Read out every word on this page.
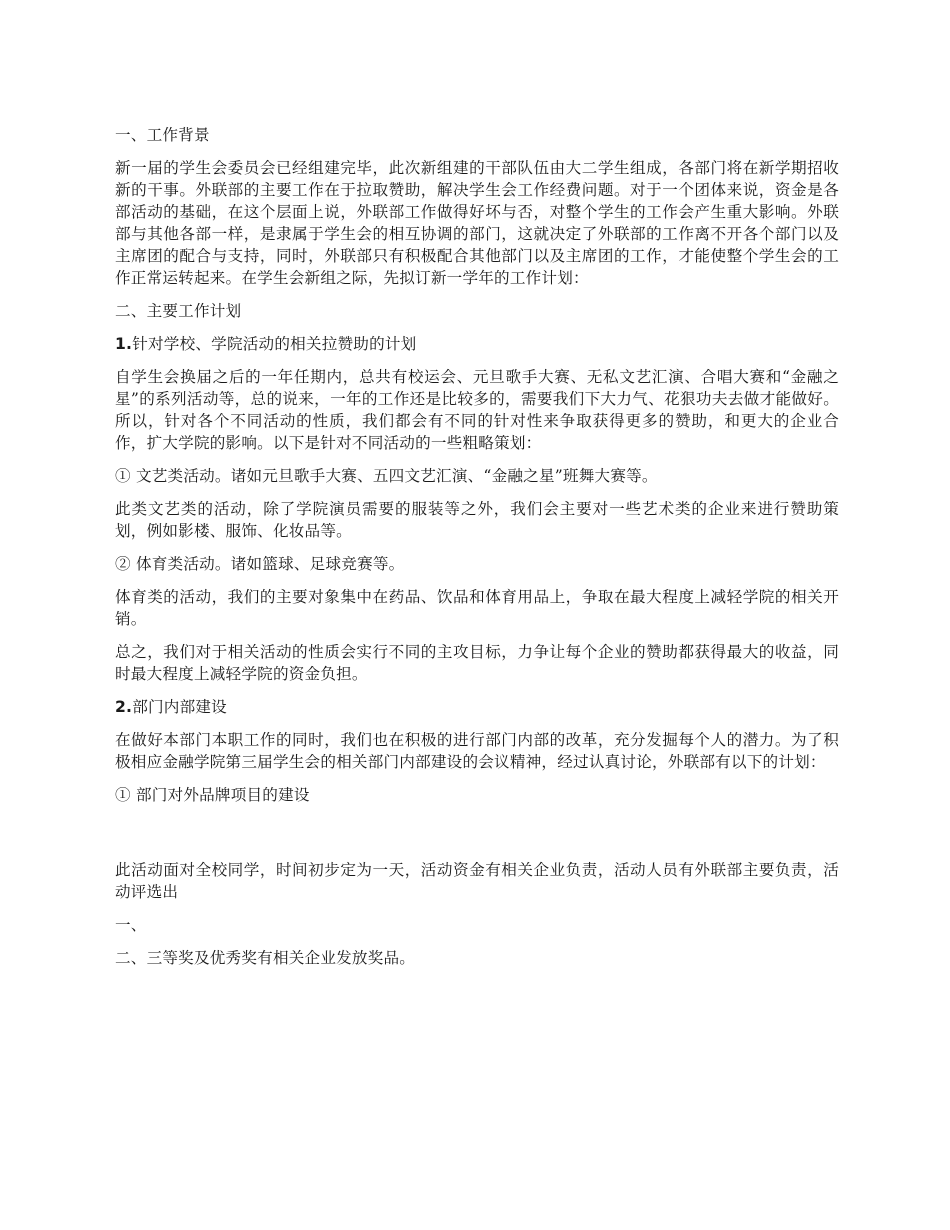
一、工作背景

新一届的学生会委员会已经组建完毕，此次新组建的干部队伍由大二学生组成，各部门将在新学期招收新的干事。外联部的主要工作在于拉取赞助，解决学生会工作经费问题。对于一个团体来说，资金是各部活动的基础，在这个层面上说，外联部工作做得好坏与否，对整个学生的工作会产生重大影响。外联部与其他各部一样，是隶属于学生会的相互协调的部门，这就决定了外联部的工作离不开各个部门以及主席团的配合与支持，同时，外联部只有积极配合其他部门以及主席团的工作，才能使整个学生会的工作正常运转起来。在学生会新组之际，先拟订新一学年的工作计划：

二、主要工作计划

1.针对学校、学院活动的相关拉赞助的计划

自学生会换届之后的一年任期内，总共有校运会、元旦歌手大赛、无私文艺汇演、合唱大赛和“金融之星”的系列活动等，总的说来，一年的工作还是比较多的，需要我们下大力气、花狠功夫去做才能做好。所以，针对各个不同活动的性质，我们都会有不同的针对性来争取获得更多的赞助，和更大的企业合作，扩大学院的影响。以下是针对不同活动的一些粗略策划：

① 文艺类活动。诸如元旦歌手大赛、五四文艺汇演、“金融之星”班舞大赛等。

此类文艺类的活动，除了学院演员需要的服装等之外，我们会主要对一些艺术类的企业来进行赞助策划，例如影楼、服饰、化妆品等。

② 体育类活动。诸如篮球、足球竞赛等。

体育类的活动，我们的主要对象集中在药品、饮品和体育用品上，争取在最大程度上减轻学院的相关开销。

总之，我们对于相关活动的性质会实行不同的主攻目标，力争让每个企业的赞助都获得最大的收益，同时最大程度上减轻学院的资金负担。

2.部门内部建设

在做好本部门本职工作的同时，我们也在积极的进行部门内部的改革，充分发掘每个人的潜力。为了积极相应金融学院第三届学生会的相关部门内部建设的会议精神，经过认真讨论，外联部有以下的计划：

① 部门对外品牌项目的建设

此活动面对全校同学，时间初步定为一天，活动资金有相关企业负责，活动人员有外联部主要负责，活动评选出

一、

二、三等奖及优秀奖有相关企业发放奖品。
